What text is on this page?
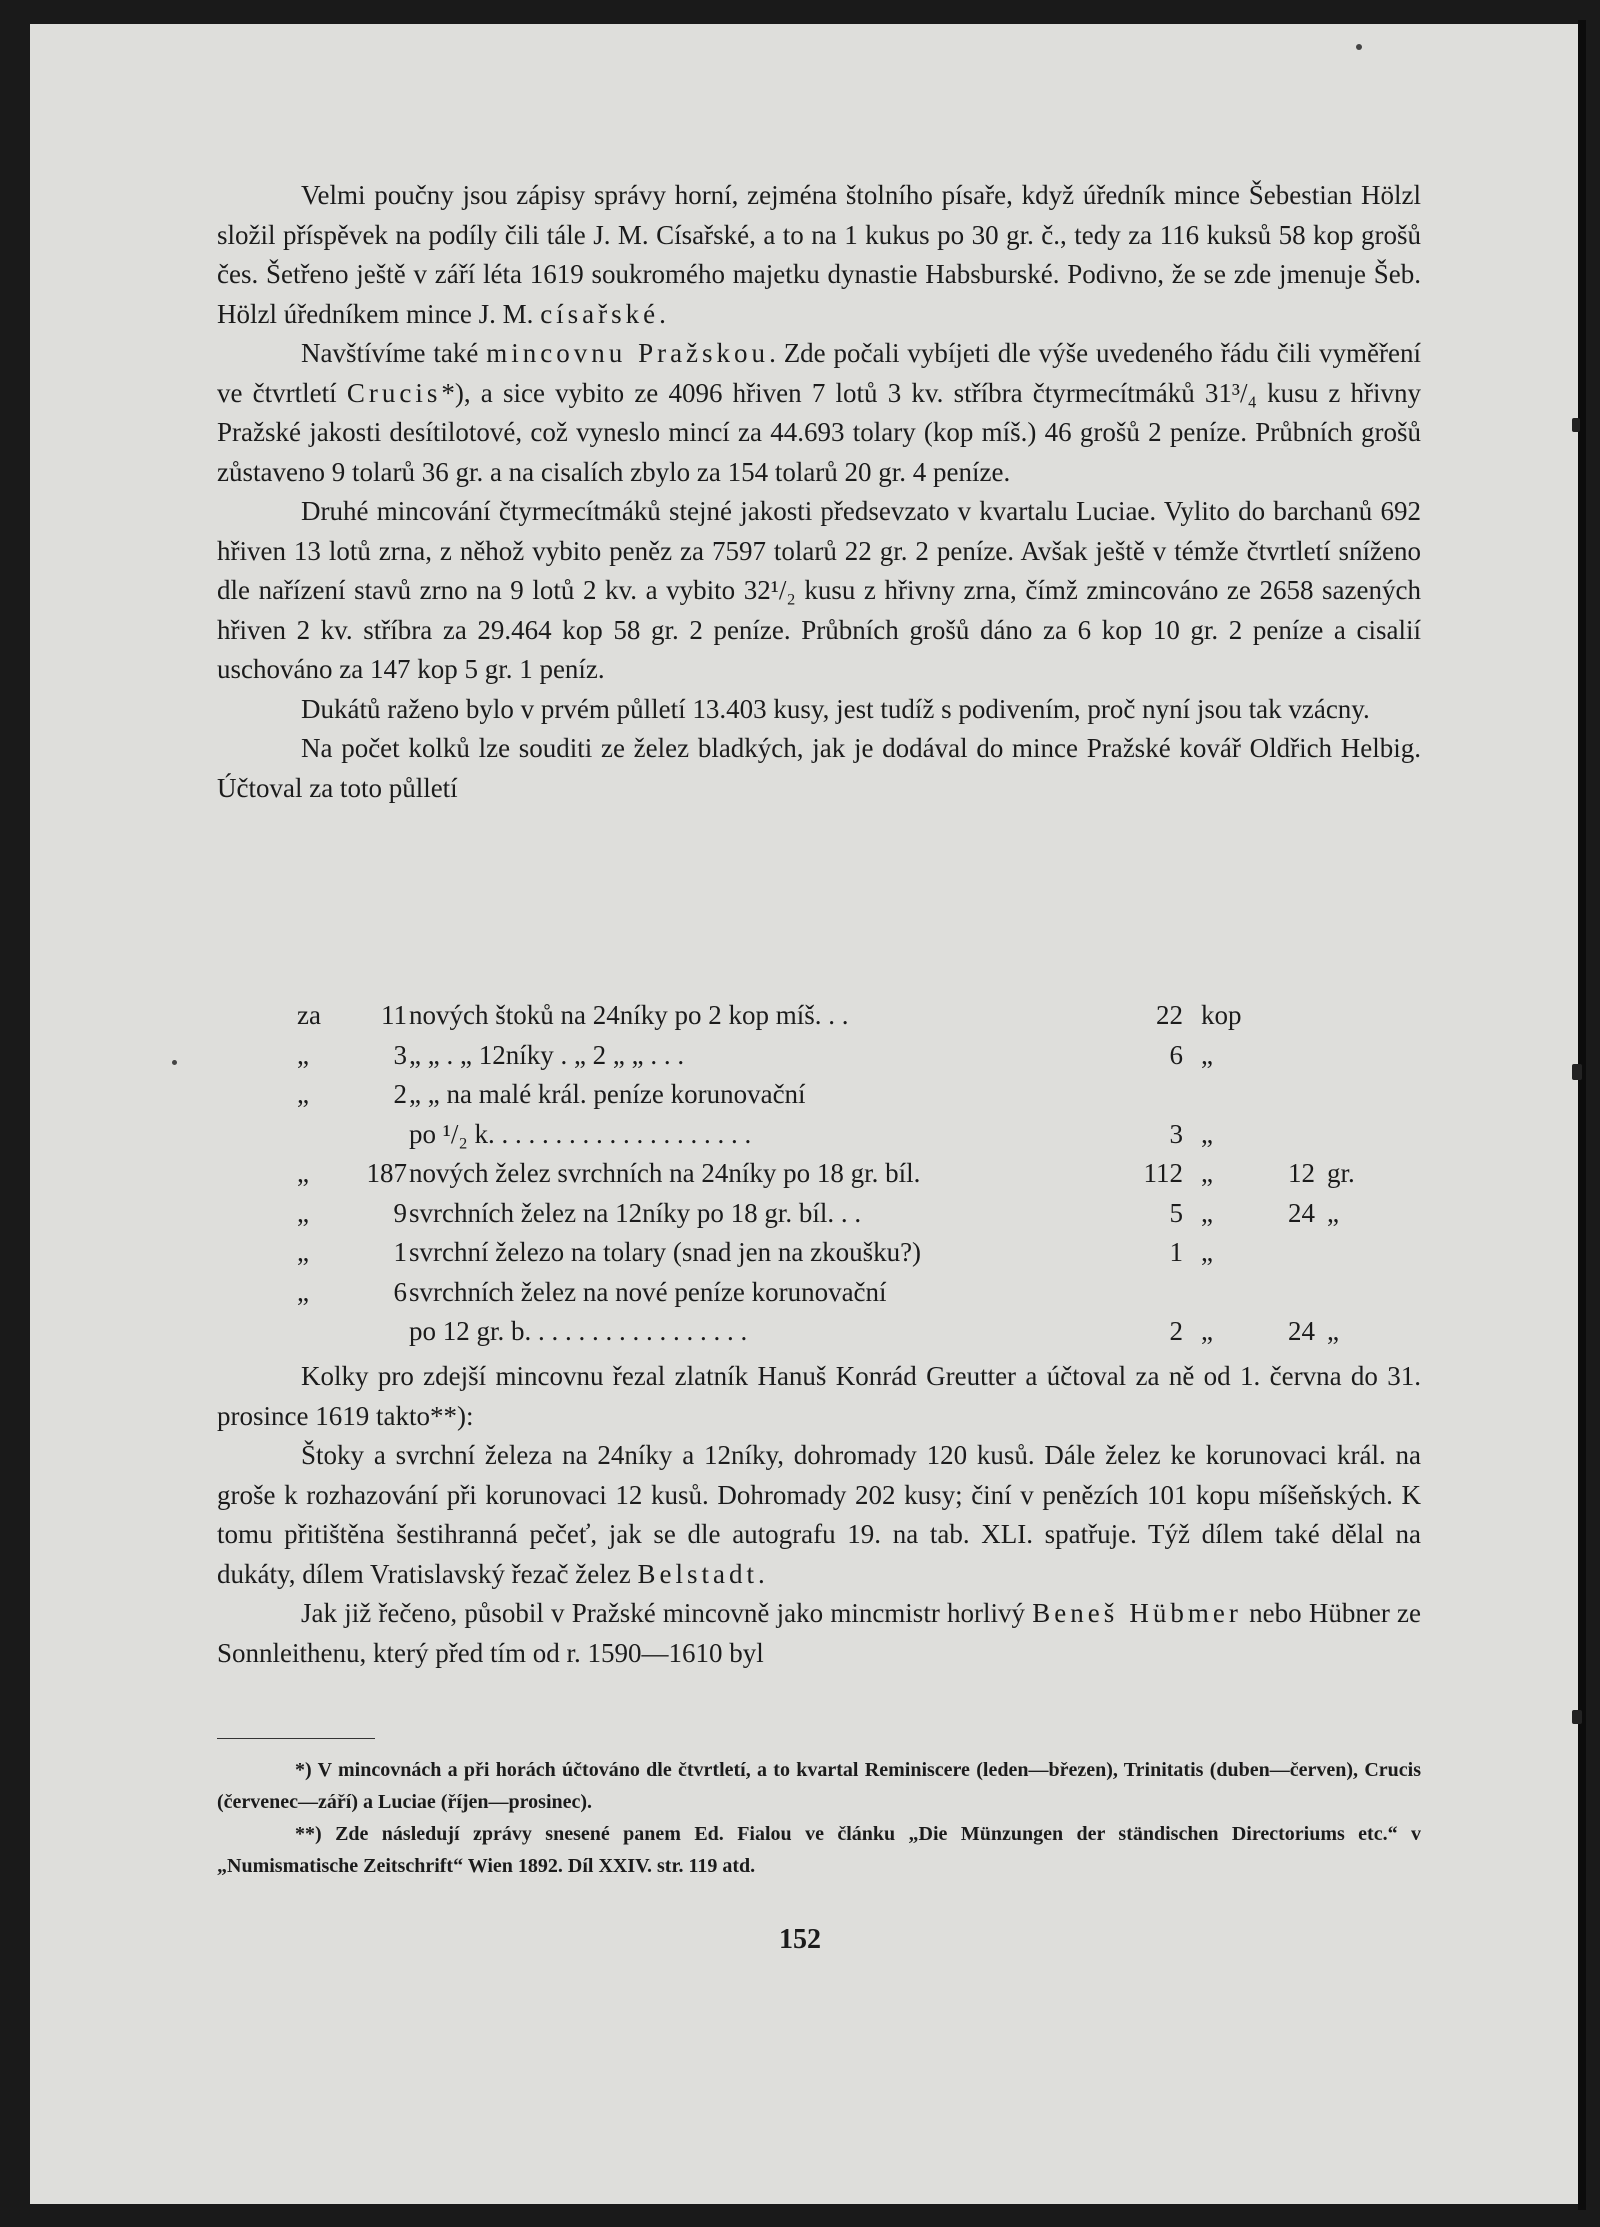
Velmi poučny jsou zápisy správy horní, zejména štolního písaře, když úředník mince Šebestian Hölzl složil příspěvek na podíly čili tále J. M. Císařské, a to na 1 kukus po 30 gr. č., tedy za 116 kuksů 58 kop grošů čes. Šetřeno ještě v září léta 1619 soukromého majetku dynastie Habsburské. Podivno, že se zde jmenuje Šeb. Hölzl úředníkem mince J. M. císařské.

Navštívíme také mincovnu Pražskou. Zde počali vybíjeti dle výše uvedeného řádu čili vyměření ve čtvrtletí Crucis*), a sice vybito ze 4096 hřiven 7 lotů 3 kv. stříbra čtyrmecítmáků 31³/₄ kusu z hřivny Pražské jakosti desítilotové, což vyneslo mincí za 44.693 tolary (kop míš.) 46 grošů 2 peníze. Průbních grošů zůstaveno 9 tolarů 36 gr. a na cisalích zbylo za 154 tolarů 20 gr. 4 peníze.

Druhé mincování čtyrmecítmáků stejné jakosti předsevzato v kvartalu Luciae. Vylito do barchanů 692 hřiven 13 lotů zrna, z něhož vybito peněz za 7597 tolarů 22 gr. 2 peníze. Avšak ještě v témže čtvrtletí sníženo dle nařízení stavů zrno na 9 lotů 2 kv. a vybito 32¹/₂ kusu z hřivny zrna, čímž zmincováno ze 2658 sazených hřiven 2 kv. stříbra za 29.464 kop 58 gr. 2 peníze. Průbních grošů dáno za 6 kop 10 gr. 2 peníze a cisalií uschováno za 147 kop 5 gr. 1 peníz.

Dukátů raženo bylo v prvém půlletí 13.403 kusy, jest tudíž s podivením, proč nyní jsou tak vzácny.

Na počet kolků lze souditi ze želez bladkých, jak je dodával do mince Pražské kovář Oldřich Helbig. Účtoval za toto půlletí

za	11 nových štoků na 24níky po 2 kop míš. . .	22 kop
„	3 „ „ . „ 12níky . „ 2 „ „ . . .	6 „
„	2 „ „ na malé král. peníze korunovační
po ¹/₂ k. . . . . . . . . . . . . . . . . . . .	3 „
„	187 nových želez svrchních na 24níky po 18 gr. bíl.	112 „	12 gr.
„	9 svrchních želez na 12níky po 18 gr. bíl. . .	5 „	24 „
„	1 svrchní železo na tolary (snad jen na zkoušku?)	1 „
„	6 svrchních želez na nové peníze korunovační
po 12 gr. b. . . . . . . . . . . . . . . . .	2 „	24 „

Kolky pro zdejší mincovnu řezal zlatník Hanuš Konrád Greutter a účtoval za ně od 1. června do 31. prosince 1619 takto**):

Štoky a svrchní železa na 24níky a 12níky, dohromady 120 kusů. Dále želez ke korunovaci král. na groše k rozhazování při korunovaci 12 kusů. Dohromady 202 kusy; činí v penězích 101 kopu míšeňských. K tomu přitištěna šestihranná pečeť, jak se dle autografu 19. na tab. XLI. spatřuje. Týž dílem také dělal na dukáty, dílem Vratislavský řezač želez Belstadt.

Jak již řečeno, působil v Pražské mincovně jako mincmistr horlivý Beneš Hübmer nebo Hübner ze Sonnleithenu, který před tím od r. 1590—1610 byl

*) V mincovnách a při horách účtováno dle čtvrtletí, a to kvartal Reminiscere (leden—březen), Trinitatis (duben—červen), Crucis (červenec—září) a Luciae (říjen—prosinec).

**) Zde následují zprávy snesené panem Ed. Fialou ve článku „Die Münzungen der ständischen Directoriums etc.“ v „Numismatische Zeitschrift“ Wien 1892. Díl XXIV. str. 119 atd.

152
